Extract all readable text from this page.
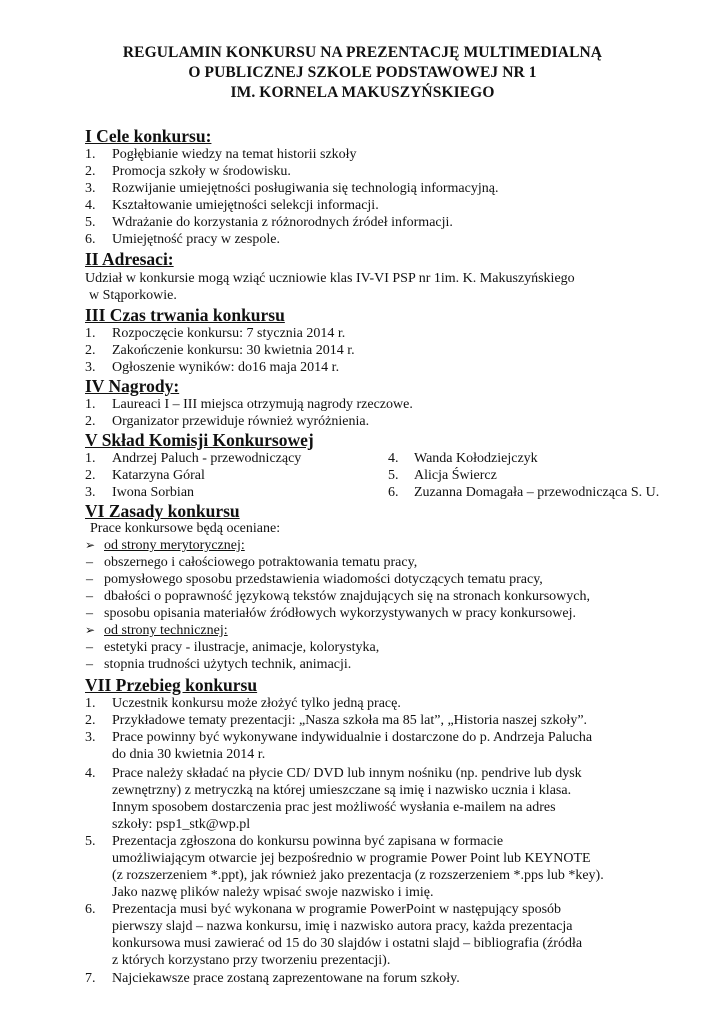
REGULAMIN KONKURSU NA PREZENTACJĘ MULTIMEDIALNĄ
O PUBLICZNEJ SZKOLE PODSTAWOWEJ NR 1
IM. KORNELA MAKUSZYŃSKIEGO
I Cele konkursu:
1. Pogłębianie wiedzy na temat historii szkoły
2. Promocja szkoły w środowisku.
3. Rozwijanie umiejętności posługiwania się technologią informacyjną.
4. Kształtowanie umiejętności selekcji informacji.
5. Wdrażanie do korzystania z różnorodnych źródeł informacji.
6. Umiejętność pracy w zespole.
II Adresaci:
Udział w konkursie mogą wziąć uczniowie klas IV-VI PSP nr 1im. K. Makuszyńskiego
w Stąporkowie.
III Czas trwania konkursu
1. Rozpoczęcie konkursu: 7 stycznia 2014 r.
2. Zakończenie konkursu: 30 kwietnia 2014 r.
3. Ogłoszenie wyników: do16 maja 2014 r.
IV Nagrody:
1. Laureaci I – III miejsca otrzymują nagrody rzeczowe.
2. Organizator przewiduje również wyróżnienia.
V Skład Komisji Konkursowej
1. Andrzej Paluch - przewodniczący
2. Katarzyna Góral
3. Iwona Sorbian
4. Wanda Kołodziejczyk
5. Alicja Świercz
6. Zuzanna Domagała – przewodnicząca S. U.
VI Zasady konkursu
Prace konkursowe będą oceniane:
➢ od strony merytorycznej:
– obszernego i całościowego potraktowania tematu pracy,
– pomysłowego sposobu przedstawienia wiadomości dotyczących tematu pracy,
– dbałości o poprawność językową tekstów znajdujących się na stronach konkursowych,
– sposobu opisania materiałów źródłowych wykorzystywanych w pracy konkursowej.
➢ od strony technicznej:
– estetyki pracy - ilustracje, animacje, kolorystyka,
– stopnia trudności użytych technik, animacji.
VII Przebieg konkursu
1. Uczestnik konkursu może złożyć tylko jedną pracę.
2. Przykładowe tematy prezentacji: „Nasza szkoła ma 85 lat”, „Historia naszej szkoły”.
3. Prace powinny być wykonywane indywidualnie i dostarczone do p. Andrzeja Palucha
do dnia 30 kwietnia 2014 r.
4. Prace należy składać na płycie CD/ DVD lub innym nośniku (np. pendrive lub dysk
zewnętrzny) z metryczką na której umieszczane są imię i nazwisko ucznia i klasa.
Innym sposobem dostarczenia prac jest możliwość wysłania e-mailem na adres
szkoły: psp1_stk@wp.pl
5. Prezentacja zgłoszona do konkursu powinna być zapisana w formacie
umożliwiającym otwarcie jej bezpośrednio w programie Power Point lub KEYNOTE
(z rozszerzeniem *.ppt), jak również jako prezentacja (z rozszerzeniem *.pps lub *key).
Jako nazwę plików należy wpisać swoje nazwisko i imię.
6. Prezentacja musi być wykonana w programie PowerPoint w następujący sposób
pierwszy slajd – nazwa konkursu, imię i nazwisko autora pracy, każda prezentacja
konkursowa musi zawierać od 15 do 30 slajdów i ostatni slajd – bibliografia (źródła
z których korzystano przy tworzeniu prezentacji).
7. Najciekawsze prace zostaną zaprezentowane na forum szkoły.
